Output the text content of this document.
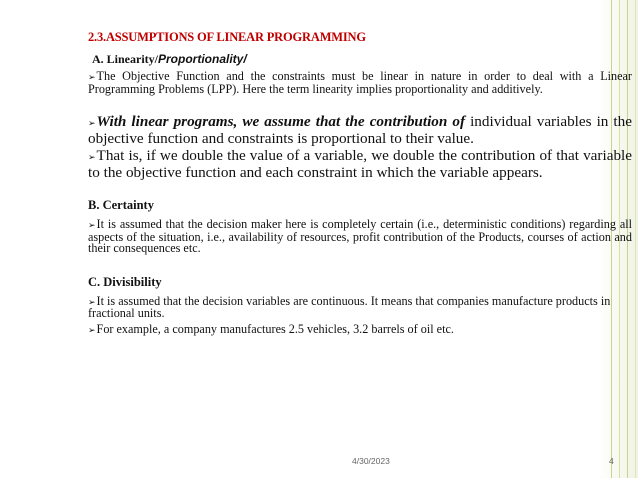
2.3.ASSUMPTIONS OF LINEAR PROGRAMMING
A. Linearity/Proportionality/

➢The Objective Function and the constraints must be linear in nature in order to deal with a Linear Programming Problems (LPP). Here the term linearity implies proportionality and additively.

➢With linear programs, we assume that the contribution of individual variables in the objective function and constraints is proportional to their value.

➢That is, if we double the value of a variable, we double the contribution of that variable to the objective function and each constraint in which the variable appears.

B. Certainty

➢It is assumed that the decision maker here is completely certain (i.e., deterministic conditions) regarding all aspects of the situation, i.e., availability of resources, profit contribution of the Products, courses of action and their consequences etc.

C. Divisibility

➢It is assumed that the decision variables are continuous. It means that companies manufacture products in fractional units.

➢For example, a company manufactures 2.5 vehicles, 3.2 barrels of oil etc.

4/30/2023	4
